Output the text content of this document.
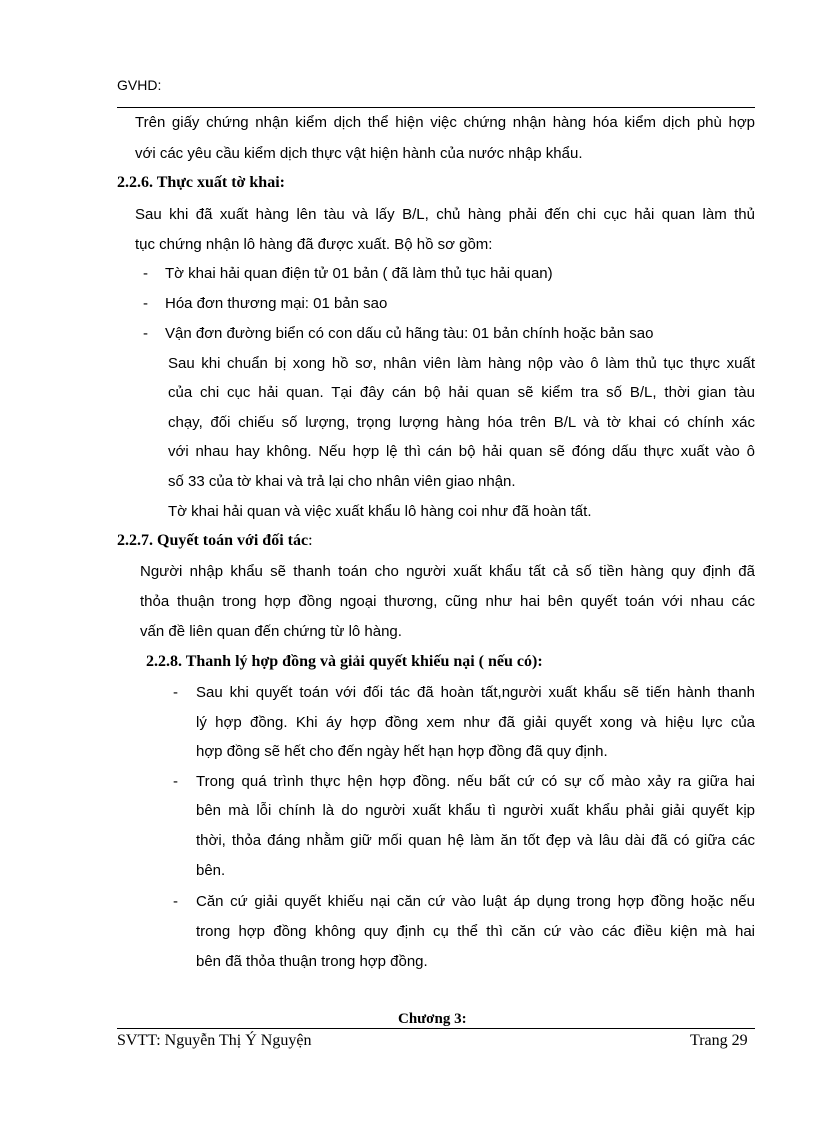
GVHD:
Trên giấy chứng nhận kiểm dịch thể hiện việc chứng nhận hàng hóa kiểm dịch phù hợp
với các yêu cầu kiểm dịch thực vật hiện hành của nước nhập khẩu.
2.2.6. Thực xuất tờ khai:
Sau khi đã xuất hàng lên tàu và lấy B/L, chủ hàng phải đến chi cục hải quan làm thủ
tục chứng nhận lô hàng đã được xuất. Bộ hồ sơ gồm:
- Tờ khai hải quan điện tử 01 bản ( đã làm thủ tục hải quan)
- Hóa đơn thương mại: 01 bản sao
- Vận đơn đường biển có con dấu củ hãng tàu: 01 bản chính hoặc bản sao
Sau khi chuẩn bị xong hồ sơ, nhân viên làm hàng nộp vào ô làm thủ tục thực xuất
của chi cục hải quan. Tại đây cán bộ hải quan sẽ kiểm tra số B/L, thời gian tàu
chạy, đối chiếu số lượng, trọng lượng hàng hóa trên B/L và tờ khai có chính xác
với nhau hay không. Nếu hợp lệ thì cán bộ hải quan sẽ đóng dấu thực xuất vào ô
số 33 của tờ khai và trả lại cho nhân viên giao nhận.
Tờ khai hải quan và việc xuất khẩu lô hàng coi như đã hoàn tất.
2.2.7. Quyết toán với đối tác:
Người nhập khẩu sẽ thanh toán cho người xuất khẩu tất cả số tiền hàng quy định đã
thỏa thuận trong hợp đồng ngoại thương, cũng như hai bên quyết toán với nhau các
vấn đề liên quan đến chứng từ lô hàng.
2.2.8. Thanh lý hợp đồng và giải quyết khiếu nại ( nếu có):
- Sau khi quyết toán với đối tác đã hoàn tất,người xuất khẩu sẽ tiến hành thanh
lý hợp đồng. Khi áy hợp đồng xem như đã giải quyết xong và hiệu lực của
hợp đồng sẽ hết cho đến ngày hết hạn hợp đồng đã quy định.
- Trong quá trình thực hện hợp đồng. nếu bất cứ có sự cố mào xảy ra giữa hai
bên mà lỗi chính là do người xuất khẩu tì người xuất khẩu phải giải quyết kịp
thời, thỏa đáng nhằm giữ mối quan hệ làm ăn tốt đẹp và lâu dài đã có giữa các
bên.
- Căn cứ giải quyết khiếu nại căn cứ vào luật áp dụng trong hợp đồng hoặc nếu
trong hợp đồng không quy định cụ thể thì căn cứ vào các điều kiện mà hai
bên đã thỏa thuận trong hợp đồng.
Chương 3:
SVTT: Nguyễn Thị Ý Nguyện	Trang 29
